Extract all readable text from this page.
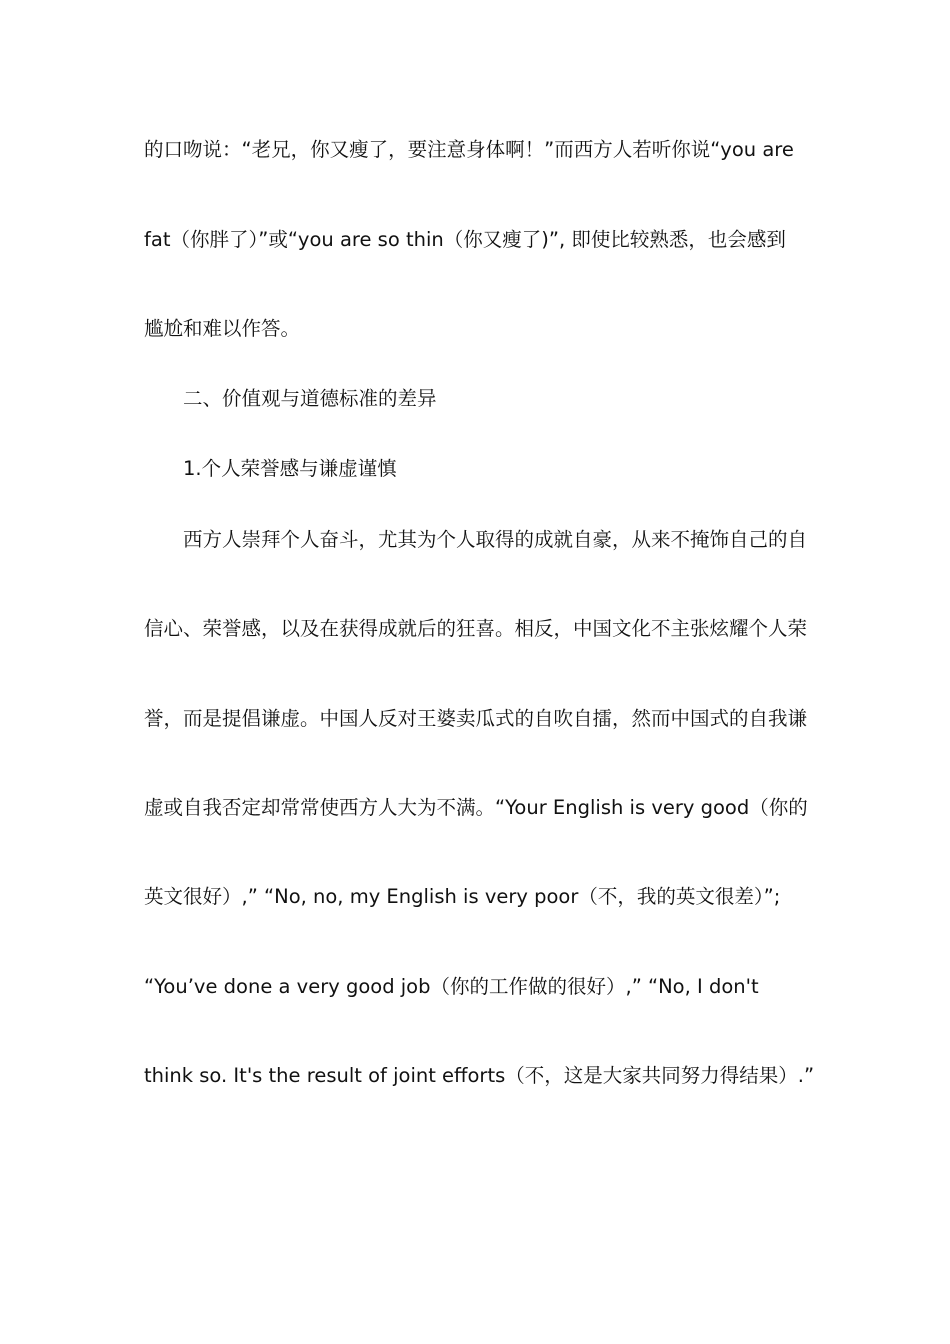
的口吻说：“老兄，你又瘦了，要注意身体啊！”而西方人若听你说“you are
fat（你胖了）”或“you are so thin（你又瘦了)”, 即使比较熟悉，也会感到
尴尬和难以作答。
二、价值观与道德标准的差异
1.个人荣誉感与谦虚谨慎
西方人崇拜个人奋斗，尤其为个人取得的成就自豪，从来不掩饰自己的自
信心、荣誉感，以及在获得成就后的狂喜。相反，中国文化不主张炫耀个人荣
誉，而是提倡谦虚。中国人反对王婆卖瓜式的自吹自擂，然而中国式的自我谦
虚或自我否定却常常使西方人大为不满。“Your English is very good（你的
英文很好）,” “No, no, my English is very poor（不，我的英文很差）”;
“You’ve done a very good job（你的工作做的很好）,” “No, I don't
think so. It's the result of joint efforts（不，这是大家共同努力得结果）.”
